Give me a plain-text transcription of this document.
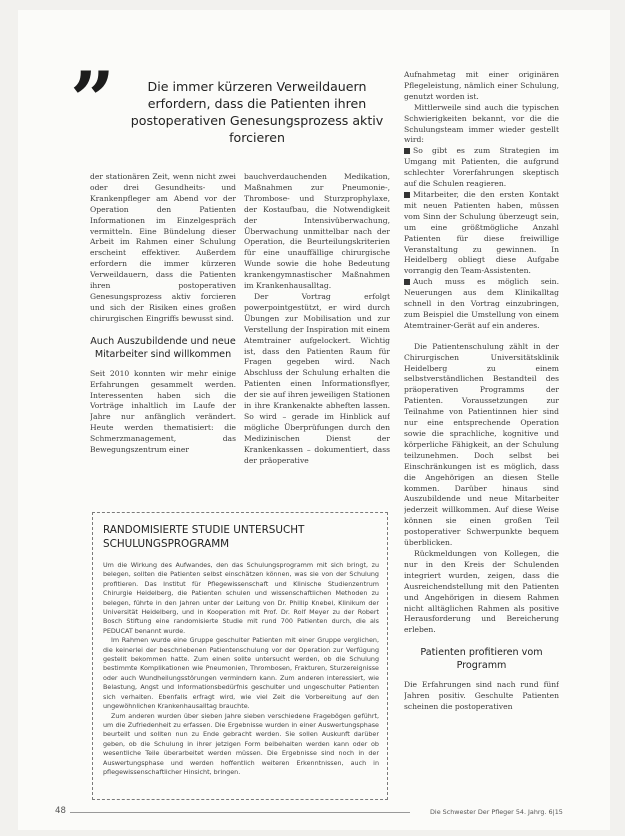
”	Die immer kürzeren Verweildauern erfordern, dass die Patienten ihren postoperativen Genesungsprozess aktiv forcieren

der stationären Zeit, wenn nicht zwei oder drei Gesundheits- und Krankenpfleger am Abend vor der Operation den Patienten Informationen im Einzelgespräch vermitteln. Eine Bündelung dieser Arbeit im Rahmen einer Schulung erscheint effektiver. Außerdem erfordern die immer kürzeren Verweildauern, dass die Patienten ihren postoperativen Genesungsprozess aktiv forcieren und sich der Risiken eines großen chirurgischen Eingriffs bewusst sind.

Auch Auszubildende und neue Mitarbeiter sind willkommen

Seit 2010 konnten wir mehr einige Erfahrungen gesammelt werden. Interessenten haben sich die Vorträge inhaltlich im Laufe der Jahre nur anfänglich verändert. Heute werden thematisiert: die Schmerzmanagement, das Bewegungszentrum einer

bauchverdauchenden Medikation, Maßnahmen zur Pneumonie-, Thrombose- und Sturzprophylaxe, der Kostaufbau, die Notwendigkeit der Intensivüberwachung, Überwachung unmittelbar nach der Operation, die Beurteilungskriterien für eine unauffällige chirurgische Wunde sowie die hohe Bedeutung krankengymnastischer Maßnahmen im Krankenhausalltag.

Der Vortrag erfolgt powerpointgestützt, er wird durch Übungen zur Mobilisation und zur Verstellung der Inspiration mit einem Atemtrainer aufgelockert. Wichtig ist, dass den Patienten Raum für Fragen gegeben wird. Nach Abschluss der Schulung erhalten die Patienten einen Informationsflyer, der sie auf ihren jeweiligen Stationen in ihre Krankenakte abheften lassen. So wird – gerade im Hinblick auf mögliche Überprüfungen durch den Medizinischen Dienst der Krankenkassen – dokumentiert, dass der präoperative

Aufnahmetag mit einer originären Pflegeleistung, nämlich einer Schulung, genutzt worden ist.

Mittlerweile sind auch die typischen Schwierigkeiten bekannt, vor die die Schulungsteam immer wieder gestellt wird:

So gibt es zum Strategien im Umgang mit Patienten, die aufgrund schlechter Vorerfahrungen skeptisch auf die Schulen reagieren.

Mitarbeiter, die den ersten Kontakt mit neuen Patienten haben, müssen vom Sinn der Schulung überzeugt sein, um eine größtmögliche Anzahl Patienten für diese freiwillige Veranstaltung zu gewinnen. In Heidelberg obliegt diese Aufgabe vorrangig den Team-Assistenten.

Auch muss es möglich sein. Neuerungen aus dem Klinikalltag schnell in den Vortrag einzubringen, zum Beispiel die Umstellung von einem Atemtrainer-Gerät auf ein anderes.

Die Patientenschulung zählt in der Chirurgischen Universitätsklinik Heidelberg zu einem selbstverständlichen Bestandteil des präoperativen Programms der Patienten. Voraussetzungen zur Teilnahme von Patientinnen hier sind nur eine entsprechende Operation sowie die sprachliche, kognitive und körperliche Fähigkeit, an der Schulung teilzunehmen. Doch selbst bei Einschränkungen ist es möglich, dass die Angehörigen an diesen Stelle kommen. Darüber hinaus sind Auszubildende und neue Mitarbeiter jederzeit willkommen. Auf diese Weise können sie einen großen Teil postoperativer Schwerpunkte bequem überblicken.

Rückmeldungen von Kollegen, die nur in den Kreis der Schulenden integriert wurden, zeigen, dass die Ausreichendstellung mit den Patienten und Angehörigen in diesem Rahmen nicht alltäglichen Rahmen als positive Herausforderung und Bereicherung erleben.

Patienten profitieren vom Programm

Die Erfahrungen sind nach rund fünf Jahren positiv. Geschulte Patienten scheinen die postoperativen

RANDOMISIERTE STUDIE UNTERSUCHT SCHULUNGSPROGRAMM

Um die Wirkung des Aufwandes, den das Schulungsprogramm mit sich bringt, zu belegen, sollten die Patienten selbst einschätzen können, was sie von der Schulung profitieren. Das Institut für Pflegewissenschaft und Klinische Studienzentrum Chirurgie Heidelberg, die Patienten schulen und wissenschaftlichen Methoden zu belegen, führte in den Jahren unter der Leitung von Dr. Phillip Knebel, Klinikum der Universität Heidelberg, und in Kooperation mit Prof. Dr. Rolf Meyer zu der Robert Bosch Stiftung eine randomisierte Studie mit rund 700 Patienten durch, die als PEDUCAT benannt wurde.

Im Rahmen wurde eine Gruppe geschulter Patienten mit einer Gruppe verglichen, die keinerlei der beschriebenen Patientenschulung vor der Operation zur Verfügung gestellt bekommen hatte. Zum einen sollte untersucht werden, ob die Schulung bestimmte Komplikationen wie Pneumonien, Thrombosen, Frakturen, Sturzereignisse oder auch Wundheilungsstörungen vermindern kann. Zum anderen interessiert, wie Belastung, Angst und Informationsbedürfnis geschulter und ungeschulter Patienten sich verhalten. Ebenfalls erfragt wird, wie viel Zeit die Vorbereitung auf den ungewöhnlichen Krankenhausalltag brauchte.

Zum anderen wurden über sieben Jahre sieben verschiedene Fragebögen geführt, um die Zufriedenheit zu erfassen. Die Ergebnisse wurden in einer Auswertungsphase beurteilt und sollten nun zu Ende gebracht werden. Sie sollen Auskunft darüber geben, ob die Schulung in ihrer jetzigen Form beibehalten werden kann oder ob wesentliche Teile überarbeitet werden müssen. Die Ergebnisse sind noch in der Auswertungsphase und werden hoffentlich weiteren Erkenntnissen, auch in pflegewissenschaftlicher Hinsicht, bringen.

48	Die Schwester Der Pfleger 54. Jahrg. 6|15
